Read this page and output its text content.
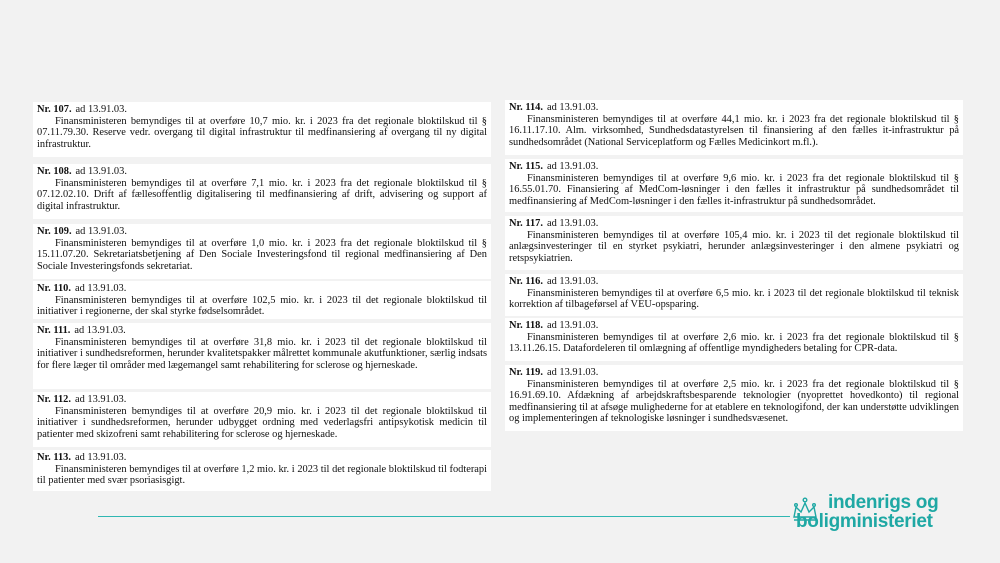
Nr. 107. ad 13.91.03.
Finansministeren bemyndiges til at overføre 10,7 mio. kr. i 2023 fra det regionale bloktilskud til § 07.11.79.30. Reserve vedr. overgang til digital infrastruktur til medfinansiering af overgang til ny digital infrastruktur.
Nr. 108. ad 13.91.03.
Finansministeren bemyndiges til at overføre 7,1 mio. kr. i 2023 fra det regionale bloktilskud til § 07.12.02.10. Drift af fællesoffentlig digitalisering til medfinansiering af drift, advisering og support af digital infrastruktur.
Nr. 109. ad 13.91.03.
Finansministeren bemyndiges til at overføre 1,0 mio. kr. i 2023 fra det regionale bloktilskud til § 15.11.07.20. Sekretariatsbetjening af Den Sociale Investeringsfond til regional medfinansiering af Den Sociale Investeringsfonds sekretariat.
Nr. 110. ad 13.91.03.
Finansministeren bemyndiges til at overføre 102,5 mio. kr. i 2023 til det regionale bloktilskud til initiativer i regionerne, der skal styrke fødselsområdet.
Nr. 111. ad 13.91.03.
Finansministeren bemyndiges til at overføre 31,8 mio. kr. i 2023 til det regionale bloktilskud til initiativer i sundhedsreformen, herunder kvalitetspakker målrettet kommunale akutfunktioner, særlig indsats for flere læger til områder med lægemangel samt rehabilitering for sclerose og hjerneskade.
Nr. 112. ad 13.91.03.
Finansministeren bemyndiges til at overføre 20,9 mio. kr. i 2023 til det regionale bloktilskud til initiativer i sundhedsreformen, herunder udbygget ordning med vederlagsfri antipsykotisk medicin til patienter med skizofreni samt rehabilitering for sclerose og hjerneskade.
Nr. 113. ad 13.91.03.
Finansministeren bemyndiges til at overføre 1,2 mio. kr. i 2023 til det regionale bloktilskud til fodterapi til patienter med svær psoriasisgigt.
Nr. 114. ad 13.91.03.
Finansministeren bemyndiges til at overføre 44,1 mio. kr. i 2023 fra det regionale bloktilskud til § 16.11.17.10. Alm. virksomhed, Sundhedsdatastyrelsen til finansiering af den fælles it-infrastruktur på sundhedsområdet (National Serviceplatform og Fælles Medicinkort m.fl.).
Nr. 115. ad 13.91.03.
Finansministeren bemyndiges til at overføre 9,6 mio. kr. i 2023 fra det regionale bloktilskud til § 16.55.01.70. Finansiering af MedCom-løsninger i den fælles it infrastruktur på sundhedsområdet til medfinansiering af MedCom-løsninger i den fælles it-infrastruktur på sundhedsområdet.
Nr. 117. ad 13.91.03.
Finansministeren bemyndiges til at overføre 105,4 mio. kr. i 2023 til det regionale bloktilskud til anlægsinvesteringer til en styrket psykiatri, herunder anlægsinvesteringer i den almene psykiatri og retspsykiatrien.
Nr. 116. ad 13.91.03.
Finansministeren bemyndiges til at overføre 6,5 mio. kr. i 2023 til det regionale bloktilskud til teknisk korrektion af tilbageførsel af VEU-opsparing.
Nr. 118. ad 13.91.03.
Finansministeren bemyndiges til at overføre 2,6 mio. kr. i 2023 fra det regionale bloktilskud til § 13.11.26.15. Datafordeleren til omlægning af offentlige myndigheders betaling for CPR-data.
Nr. 119. ad 13.91.03.
Finansministeren bemyndiges til at overføre 2,5 mio. kr. i 2023 fra det regionale bloktilskud til § 16.91.69.10. Afdækning af arbejdskraftsbesparende teknologier (nyoprettet hovedkonto) til regional medfinansiering til at afsøge mulighederne for at etablere en teknologifond, der kan understøtte udviklingen og implementeringen af teknologiske løsninger i sundhedsvæsenet.
indenrigs og
boligministeriet
